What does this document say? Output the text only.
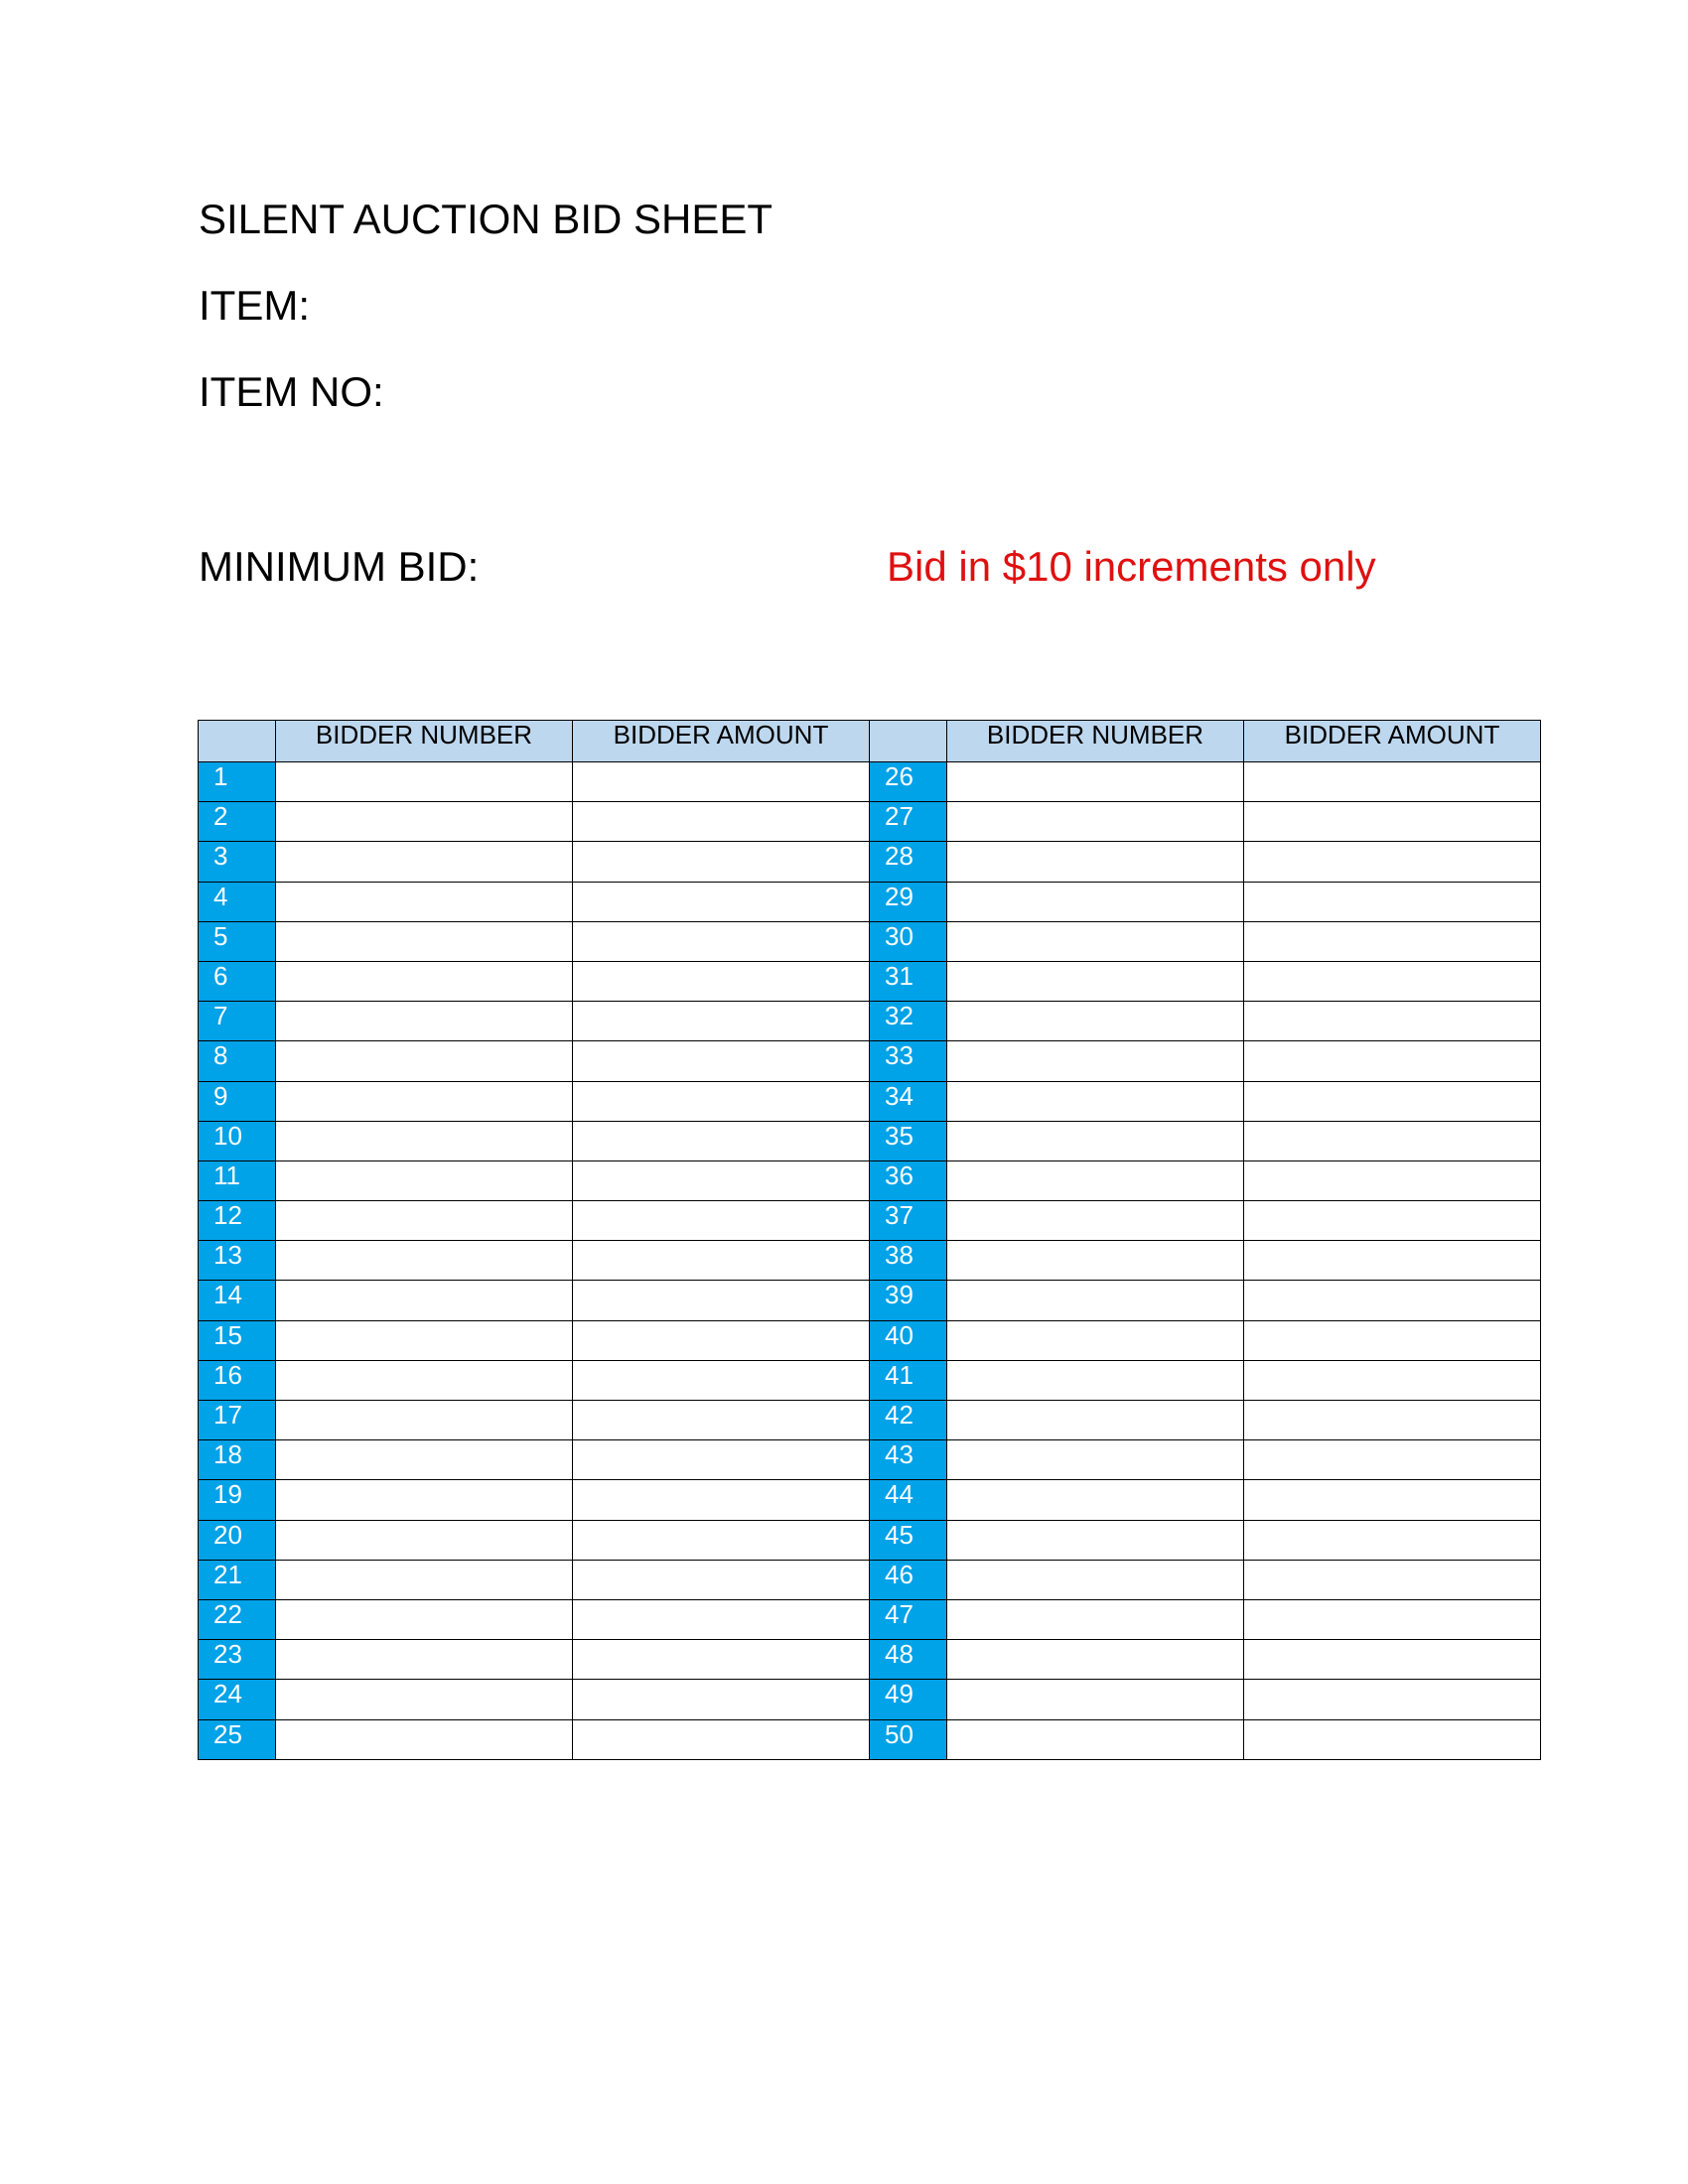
SILENT AUCTION BID SHEET
ITEM:
ITEM NO:
MINIMUM BID:	Bid in $10 increments only
	BIDDER NUMBER	BIDDER AMOUNT		BIDDER NUMBER	BIDDER AMOUNT
1			26		
2			27		
3			28		
4			29		
5			30		
6			31		
7			32		
8			33		
9			34		
10			35		
11			36		
12			37		
13			38		
14			39		
15			40		
16			41		
17			42		
18			43		
19			44		
20			45		
21			46		
22			47		
23			48		
24			49		
25			50		
